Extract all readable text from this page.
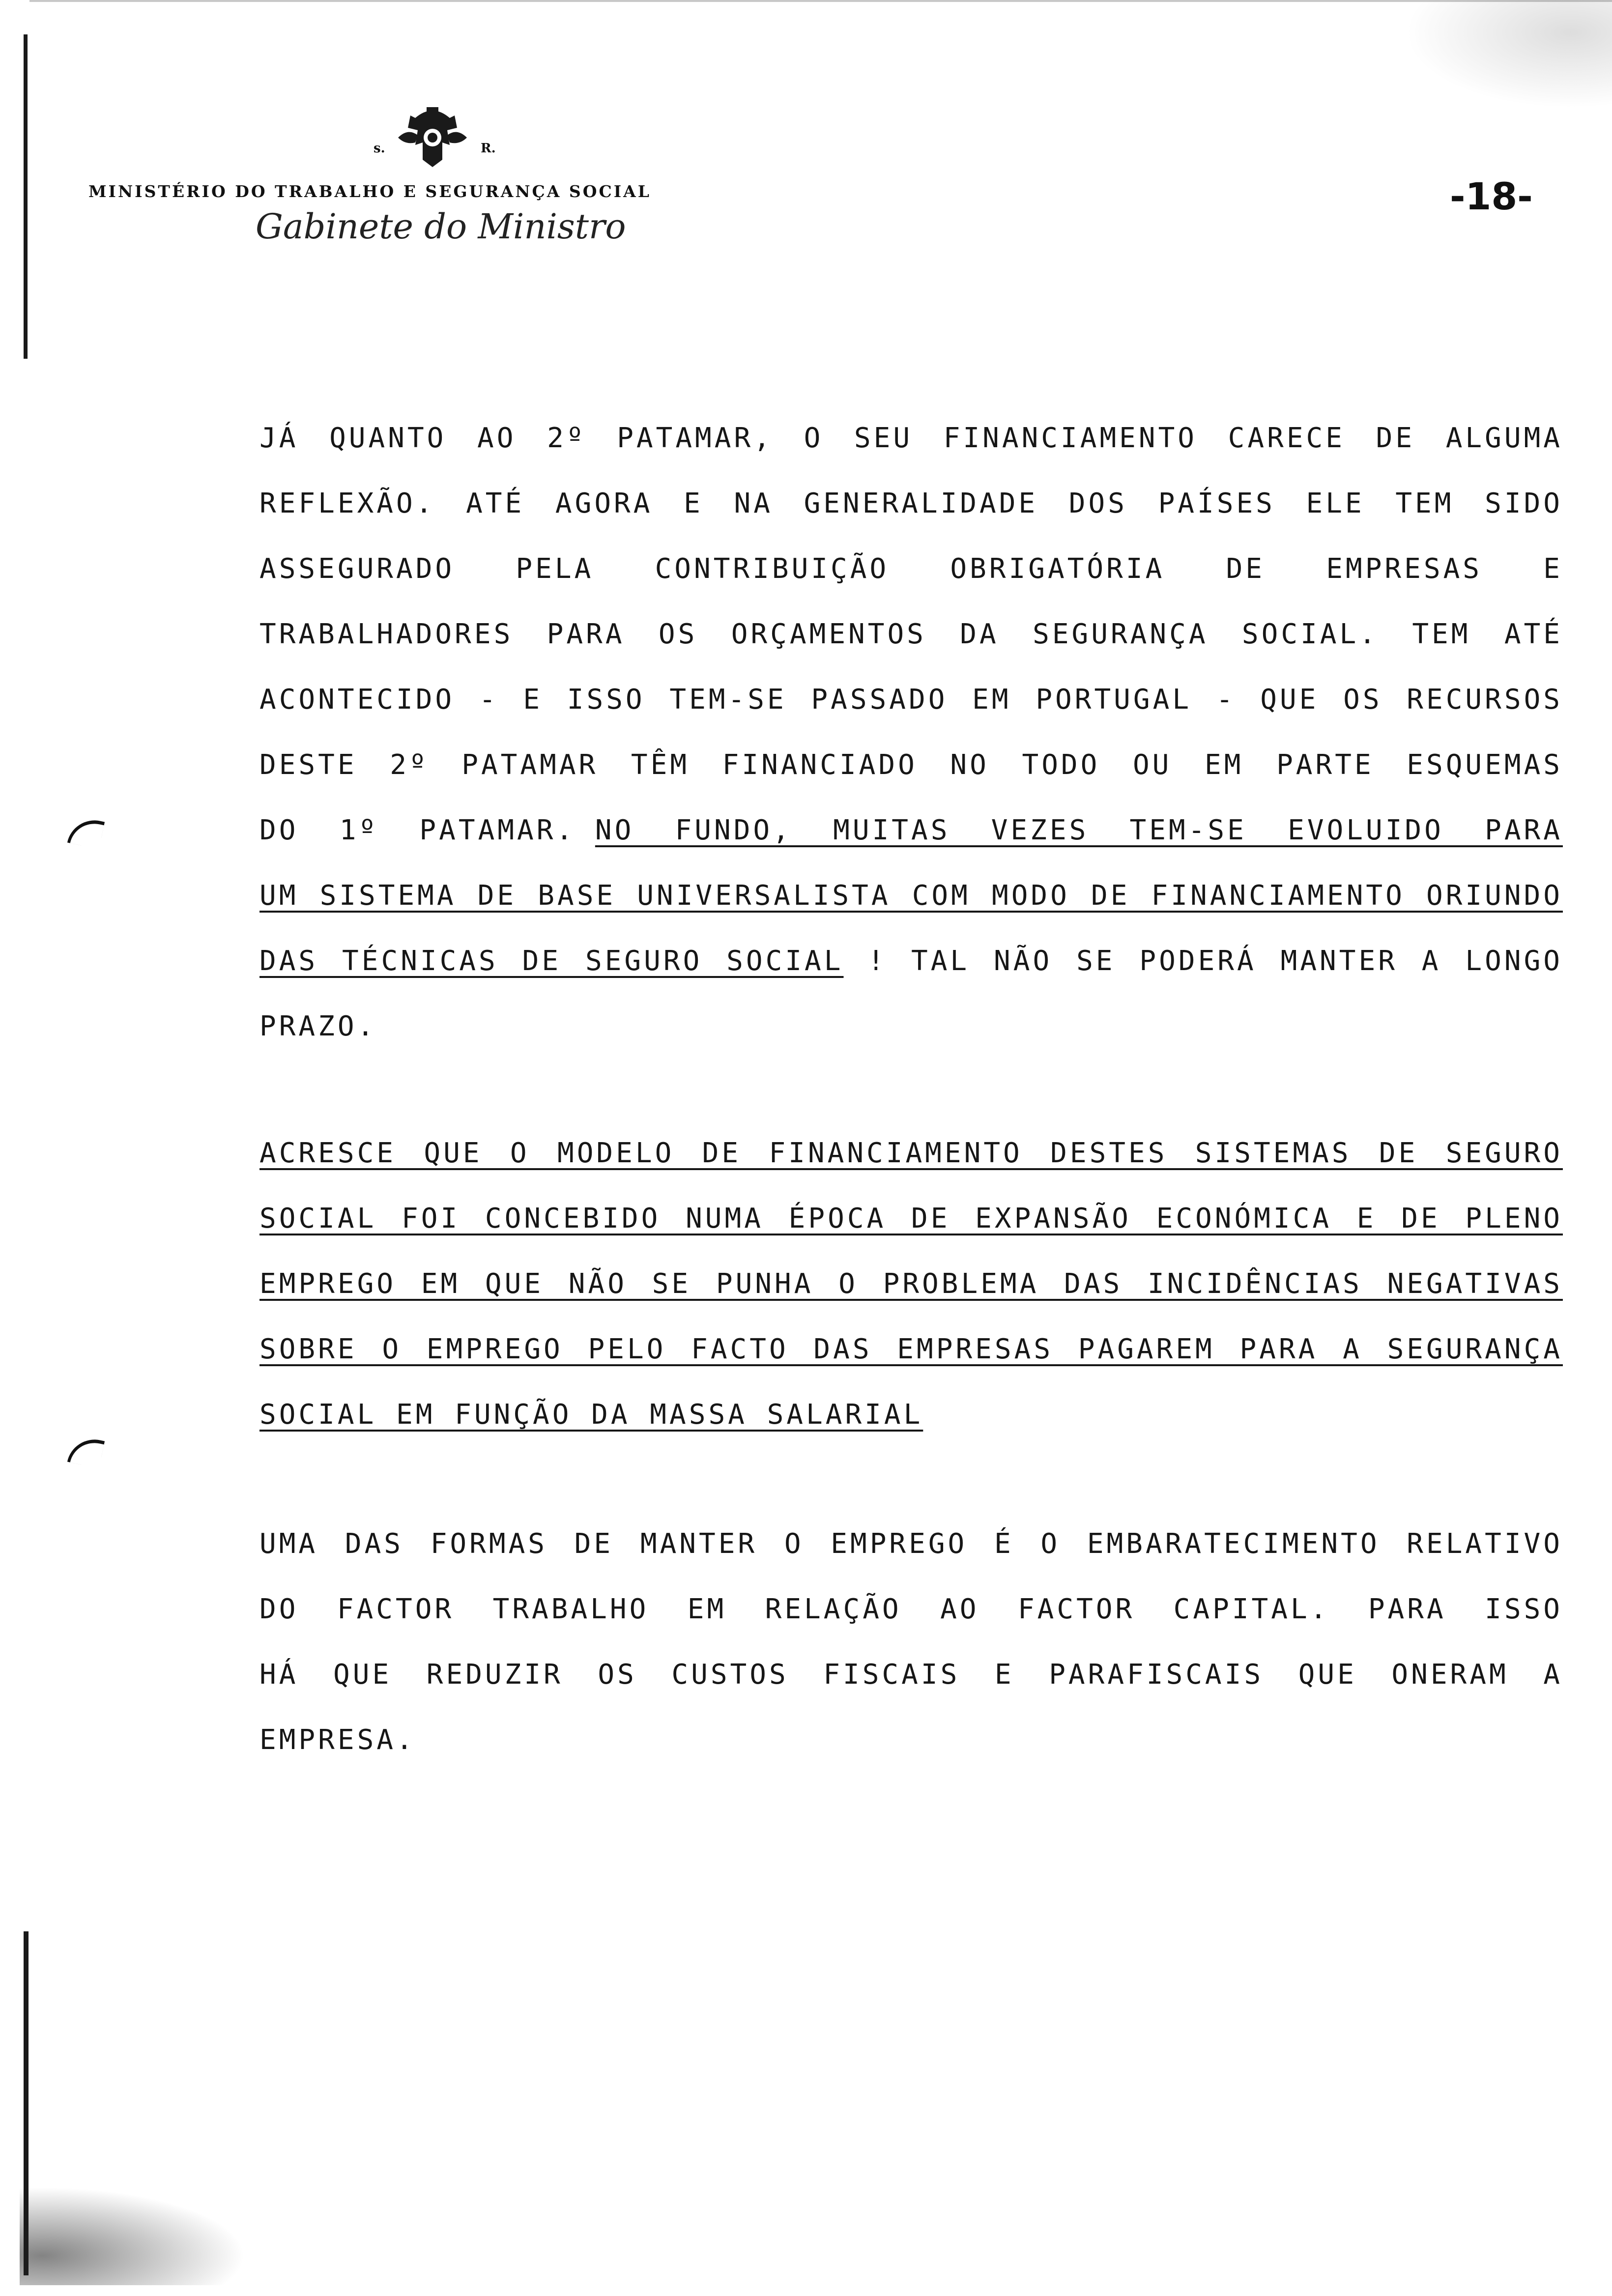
s.	R.
MINISTÉRIO DO TRABALHO E SEGURANÇA SOCIAL
Gabinete do Ministro
-18-
JÁ QUANTO AO 2º PATAMAR, O SEU FINANCIAMENTO CARECE DE ALGUMA
REFLEXÃO. ATÉ AGORA E NA GENERALIDADE DOS PAÍSES ELE TEM SIDO
ASSEGURADO PELA CONTRIBUIÇÃO OBRIGATÓRIA DE EMPRESAS E
TRABALHADORES PARA OS ORÇAMENTOS DA SEGURANÇA SOCIAL. TEM ATÉ
ACONTECIDO - E ISSO TEM-SE PASSADO EM PORTUGAL - QUE OS RECURSOS
DESTE 2º PATAMAR TÊM FINANCIADO NO TODO OU EM PARTE ESQUEMAS
DO 1º PATAMAR.  NO FUNDO, MUITAS VEZES TEM-SE EVOLUIDO PARA
UM SISTEMA DE BASE UNIVERSALISTA COM MODO DE FINANCIAMENTO ORIUNDO
DAS TÉCNICAS DE SEGURO SOCIAL ! TAL NÃO SE PODERÁ MANTER A LONGO
PRAZO.
ACRESCE QUE O MODELO DE FINANCIAMENTO DESTES SISTEMAS DE SEGURO
SOCIAL FOI CONCEBIDO NUMA ÉPOCA DE EXPANSÃO ECONÓMICA E DE PLENO
EMPREGO EM QUE NÃO SE PUNHA O PROBLEMA DAS INCIDÊNCIAS NEGATIVAS
SOBRE O EMPREGO PELO FACTO DAS EMPRESAS PAGAREM PARA A SEGURANÇA
SOCIAL EM FUNÇÃO DA MASSA SALARIAL
UMA DAS FORMAS DE MANTER O EMPREGO É O EMBARATECIMENTO RELATIVO
DO FACTOR TRABALHO EM RELAÇÃO AO FACTOR CAPITAL. PARA ISSO
HÁ QUE REDUZIR OS CUSTOS FISCAIS E PARAFISCAIS QUE ONERAM A
EMPRESA.
